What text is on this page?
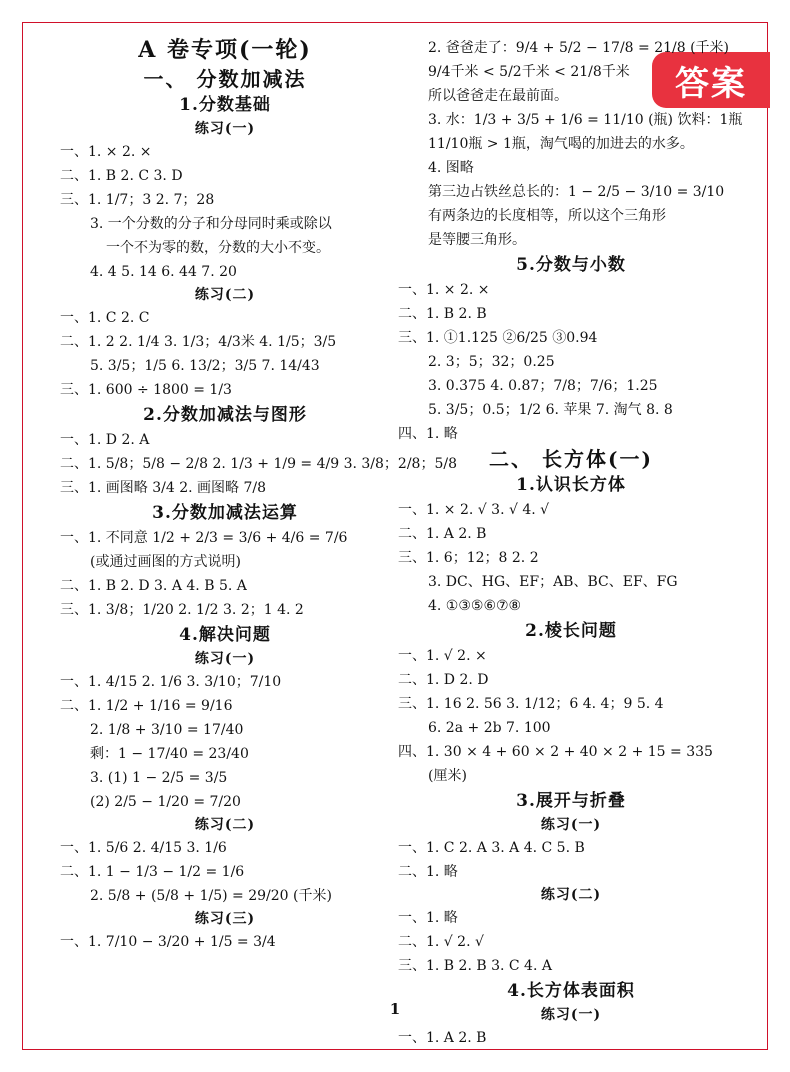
答案
A 卷专项(一轮)
一、 分数加减法
1.分数基础
练习(一)
一、1. × 2. ×
二、1. B 2. C 3. D
三、1. 1/7；3 2. 7；28
3. 一个分数的分子和分母同时乘或除以
一个不为零的数，分数的大小不变。
4. 4 5. 14 6. 44 7. 20
练习(二)
一、1. C 2. C
二、1. 2 2. 1/4 3. 1/3；4/3米 4. 1/5；3/5
5. 3/5；1/5 6. 13/2；3/5 7. 14/43
三、1. 600 ÷ 1800 = 1/3
2.分数加减法与图形
一、1. D 2. A
二、1. 5/8；5/8 − 2/8 2. 1/3 + 1/9 = 4/9 3. 3/8；2/8；5/8
三、1. 画图略 3/4 2. 画图略 7/8
3.分数加减法运算
一、1. 不同意 1/2 + 2/3 = 3/6 + 4/6 = 7/6
(或通过画图的方式说明)
二、1. B 2. D 3. A 4. B 5. A
三、1. 3/8；1/20 2. 1/2 3. 2；1 4. 2
4.解决问题
练习(一)
一、1. 4/15 2. 1/6 3. 3/10；7/10
二、1. 1/2 + 1/16 = 9/16
2. 1/8 + 3/10 = 17/40
剩：1 − 17/40 = 23/40
3. (1) 1 − 2/5 = 3/5
(2) 2/5 − 1/20 = 7/20
练习(二)
一、1. 5/6 2. 4/15 3. 1/6
二、1. 1 − 1/3 − 1/2 = 1/6
2. 5/8 + (5/8 + 1/5) = 29/20 (千米)
练习(三)
一、1. 7/10 − 3/20 + 1/5 = 3/4
2. 爸爸走了：9/4 + 5/2 − 17/8 = 21/8 (千米)
9/4千米 < 5/2千米 < 21/8千米
所以爸爸走在最前面。
3. 水：1/3 + 3/5 + 1/6 = 11/10 (瓶) 饮料：1瓶
11/10瓶 > 1瓶，淘气喝的加进去的水多。
4. 图略
第三边占铁丝总长的：1 − 2/5 − 3/10 = 3/10
有两条边的长度相等，所以这个三角形
是等腰三角形。
5.分数与小数
一、1. × 2. ×
二、1. B 2. B
三、1. ①1.125 ②6/25 ③0.94
2. 3；5；32；0.25
3. 0.375 4. 0.87；7/8；7/6；1.25
5. 3/5；0.5；1/2 6. 苹果 7. 淘气 8. 8
四、1. 略
二、 长方体(一)
1.认识长方体
一、1. × 2. √ 3. √ 4. √
二、1. A 2. B
三、1. 6；12；8 2. 2
3. DC、HG、EF；AB、BC、EF、FG
4. ①③⑤⑥⑦⑧
2.棱长问题
一、1. √ 2. ×
二、1. D 2. D
三、1. 16 2. 56 3. 1/12；6 4. 4；9 5. 4
6. 2a + 2b 7. 100
四、1. 30 × 4 + 60 × 2 + 40 × 2 + 15 = 335
(厘米)
3.展开与折叠
练习(一)
一、1. C 2. A 3. A 4. C 5. B
二、1. 略
练习(二)
一、1. 略
二、1. √ 2. √
三、1. B 2. B 3. C 4. A
4.长方体表面积
练习(一)
一、1. A 2. B
1
